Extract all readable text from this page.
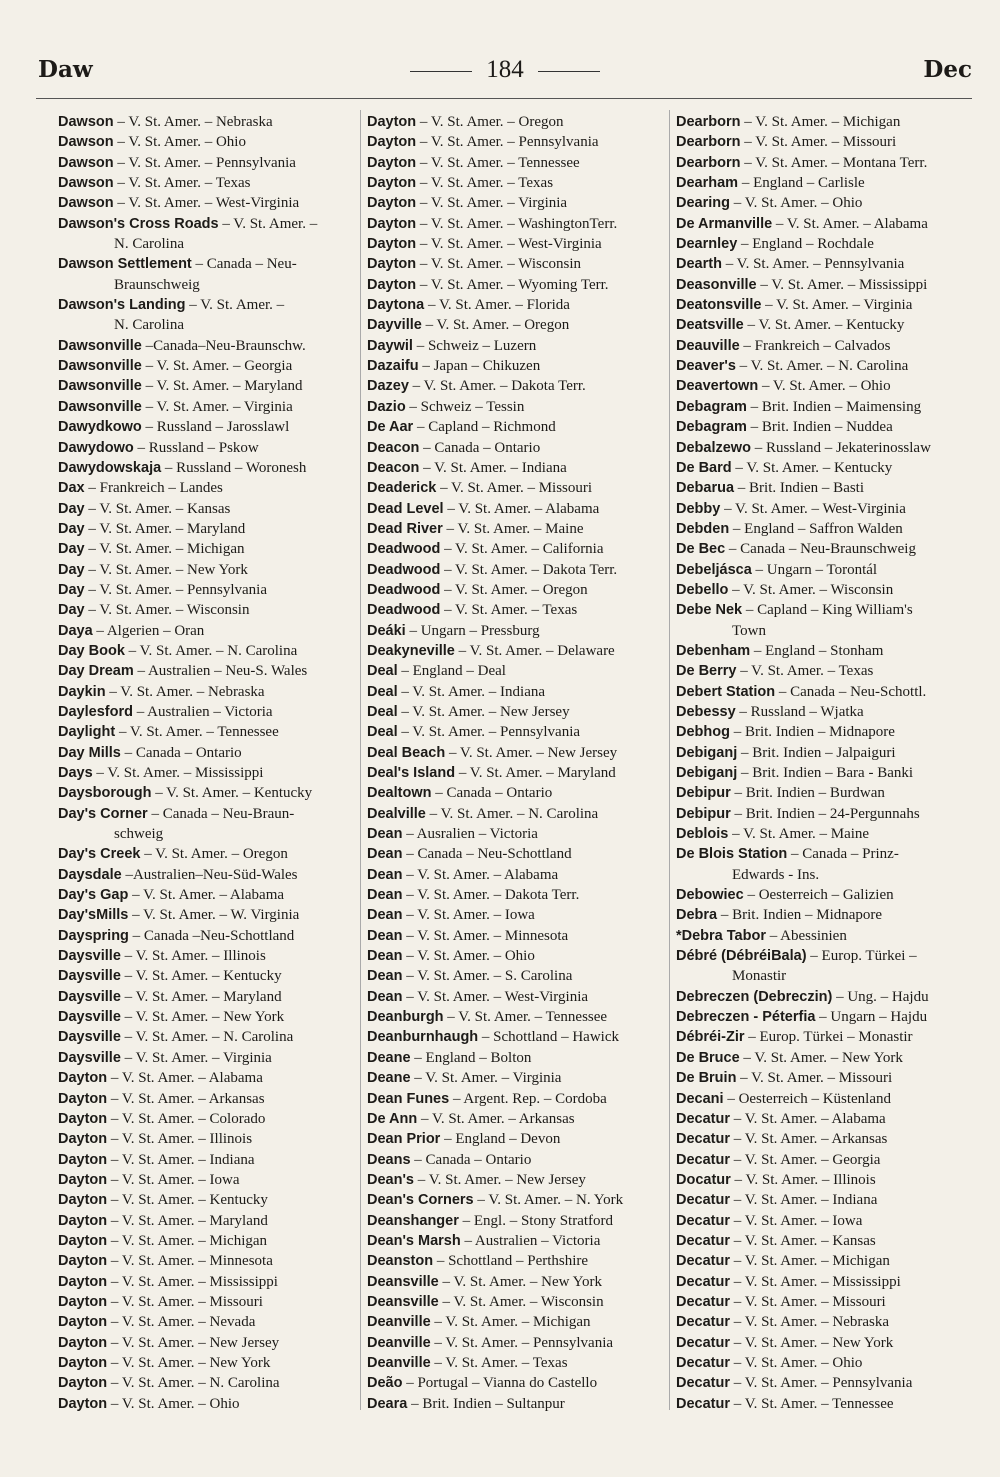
Daw	184	Dec
Dawson – V. St. Amer. – Nebraska
Dawson – V. St. Amer. – Ohio
Dawson – V. St. Amer. – Pennsylvania
Dawson – V. St. Amer. – Texas
Dawson – V. St. Amer. – West-Virginia
Dawson's Cross Roads – V. St. Amer. –
N. Carolina
Dawson Settlement – Canada – Neu-
Braunschweig
Dawson's Landing – V. St. Amer. –
N. Carolina
Dawsonville –Canada–Neu-Braunschw.
Dawsonville – V. St. Amer. – Georgia
Dawsonville – V. St. Amer. – Maryland
Dawsonville – V. St. Amer. – Virginia
Dawydkowo – Russland – Jarosslawl
Dawydowo – Russland – Pskow
Dawydowskaja – Russland – Woronesh
Dax – Frankreich – Landes
Day – V. St. Amer. – Kansas
Day – V. St. Amer. – Maryland
Day – V. St. Amer. – Michigan
Day – V. St. Amer. – New York
Day – V. St. Amer. – Pennsylvania
Day – V. St. Amer. – Wisconsin
Daya – Algerien – Oran
Day Book – V. St. Amer. – N. Carolina
Day Dream – Australien – Neu-S. Wales
Daykin – V. St. Amer. – Nebraska
Daylesford – Australien – Victoria
Daylight – V. St. Amer. – Tennessee
Day Mills – Canada – Ontario
Days – V. St. Amer. – Mississippi
Daysborough – V. St. Amer. – Kentucky
Day's Corner – Canada – Neu-Braun-
schweig
Day's Creek – V. St. Amer. – Oregon
Daysdale –Australien–Neu-Süd-Wales
Day's Gap – V. St. Amer. – Alabama
Day'sMills – V. St. Amer. – W. Virginia
Dayspring – Canada –Neu-Schottland
Daysville – V. St. Amer. – Illinois
Daysville – V. St. Amer. – Kentucky
Daysville – V. St. Amer. – Maryland
Daysville – V. St. Amer. – New York
Daysville – V. St. Amer. – N. Carolina
Daysville – V. St. Amer. – Virginia
Dayton – V. St. Amer. – Alabama
Dayton – V. St. Amer. – Arkansas
Dayton – V. St. Amer. – Colorado
Dayton – V. St. Amer. – Illinois
Dayton – V. St. Amer. – Indiana
Dayton – V. St. Amer. – Iowa
Dayton – V. St. Amer. – Kentucky
Dayton – V. St. Amer. – Maryland
Dayton – V. St. Amer. – Michigan
Dayton – V. St. Amer. – Minnesota
Dayton – V. St. Amer. – Mississippi
Dayton – V. St. Amer. – Missouri
Dayton – V. St. Amer. – Nevada
Dayton – V. St. Amer. – New Jersey
Dayton – V. St. Amer. – New York
Dayton – V. St. Amer. – N. Carolina
Dayton – V. St. Amer. – Ohio
Dayton – V. St. Amer. – Oregon
Dayton – V. St. Amer. – Pennsylvania
Dayton – V. St. Amer. – Tennessee
Dayton – V. St. Amer. – Texas
Dayton – V. St. Amer. – Virginia
Dayton – V. St. Amer. – WashingtonTerr.
Dayton – V. St. Amer. – West-Virginia
Dayton – V. St. Amer. – Wisconsin
Dayton – V. St. Amer. – Wyoming Terr.
Daytona – V. St. Amer. – Florida
Dayville – V. St. Amer. – Oregon
Daywil – Schweiz – Luzern
Dazaifu – Japan – Chikuzen
Dazey – V. St. Amer. – Dakota Terr.
Dazio – Schweiz – Tessin
De Aar – Capland – Richmond
Deacon – Canada – Ontario
Deacon – V. St. Amer. – Indiana
Deaderick – V. St. Amer. – Missouri
Dead Level – V. St. Amer. – Alabama
Dead River – V. St. Amer. – Maine
Deadwood – V. St. Amer. – California
Deadwood – V. St. Amer. – Dakota Terr.
Deadwood – V. St. Amer. – Oregon
Deadwood – V. St. Amer. – Texas
Deáki – Ungarn – Pressburg
Deakyneville – V. St. Amer. – Delaware
Deal – England – Deal
Deal – V. St. Amer. – Indiana
Deal – V. St. Amer. – New Jersey
Deal – V. St. Amer. – Pennsylvania
Deal Beach – V. St. Amer. – New Jersey
Deal's Island – V. St. Amer. – Maryland
Dealtown – Canada – Ontario
Dealville – V. St. Amer. – N. Carolina
Dean – Ausralien – Victoria
Dean – Canada – Neu-Schottland
Dean – V. St. Amer. – Alabama
Dean – V. St. Amer. – Dakota Terr.
Dean – V. St. Amer. – Iowa
Dean – V. St. Amer. – Minnesota
Dean – V. St. Amer. – Ohio
Dean – V. St. Amer. – S. Carolina
Dean – V. St. Amer. – West-Virginia
Deanburgh – V. St. Amer. – Tennessee
Deanburnhaugh – Schottland – Hawick
Deane – England – Bolton
Deane – V. St. Amer. – Virginia
Dean Funes – Argent. Rep. – Cordoba
De Ann – V. St. Amer. – Arkansas
Dean Prior – England – Devon
Deans – Canada – Ontario
Dean's – V. St. Amer. – New Jersey
Dean's Corners – V. St. Amer. – N. York
Deanshanger – Engl. – Stony Stratford
Dean's Marsh – Australien – Victoria
Deanston – Schottland – Perthshire
Deansville – V. St. Amer. – New York
Deansville – V. St. Amer. – Wisconsin
Deanville – V. St. Amer. – Michigan
Deanville – V. St. Amer. – Pennsylvania
Deanville – V. St. Amer. – Texas
Deão – Portugal – Vianna do Castello
Deara – Brit. Indien – Sultanpur
Dearborn – V. St. Amer. – Michigan
Dearborn – V. St. Amer. – Missouri
Dearborn – V. St. Amer. – Montana Terr.
Dearham – England – Carlisle
Dearing – V. St. Amer. – Ohio
De Armanville – V. St. Amer. – Alabama
Dearnley – England – Rochdale
Dearth – V. St. Amer. – Pennsylvania
Deasonville – V. St. Amer. – Mississippi
Deatonsville – V. St. Amer. – Virginia
Deatsville – V. St. Amer. – Kentucky
Deauville – Frankreich – Calvados
Deaver's – V. St. Amer. – N. Carolina
Deavertown – V. St. Amer. – Ohio
Debagram – Brit. Indien – Maimensing
Debagram – Brit. Indien – Nuddea
Debalzewo – Russland – Jekaterinosslaw
De Bard – V. St. Amer. – Kentucky
Debarua – Brit. Indien – Basti
Debby – V. St. Amer. – West-Virginia
Debden – England – Saffron Walden
De Bec – Canada – Neu-Braunschweig
Debeljásca – Ungarn – Torontál
Debello – V. St. Amer. – Wisconsin
Debe Nek – Capland – King William's
Town
Debenham – England – Stonham
De Berry – V. St. Amer. – Texas
Debert Station – Canada – Neu-Schottl.
Debessy – Russland – Wjatka
Debhog – Brit. Indien – Midnapore
Debiganj – Brit. Indien – Jalpaiguri
Debiganj – Brit. Indien – Bara - Banki
Debipur – Brit. Indien – Burdwan
Debipur – Brit. Indien – 24-Pergunnahs
Deblois – V. St. Amer. – Maine
De Blois Station – Canada – Prinz-
Edwards - Ins.
Debowiec – Oesterreich – Galizien
Debra – Brit. Indien – Midnapore
*Debra Tabor – Abessinien
Débré (DébréiBala) – Europ. Türkei –
Monastir
Debreczen (Debreczin) – Ung. – Hajdu
Debreczen - Péterfia – Ungarn – Hajdu
Débréi-Zir – Europ. Türkei – Monastir
De Bruce – V. St. Amer. – New York
De Bruin – V. St. Amer. – Missouri
Decani – Oesterreich – Küstenland
Decatur – V. St. Amer. – Alabama
Decatur – V. St. Amer. – Arkansas
Decatur – V. St. Amer. – Georgia
Docatur – V. St. Amer. – Illinois
Decatur – V. St. Amer. – Indiana
Decatur – V. St. Amer. – Iowa
Decatur – V. St. Amer. – Kansas
Decatur – V. St. Amer. – Michigan
Decatur – V. St. Amer. – Mississippi
Decatur – V. St. Amer. – Missouri
Decatur – V. St. Amer. – Nebraska
Decatur – V. St. Amer. – New York
Decatur – V. St. Amer. – Ohio
Decatur – V. St. Amer. – Pennsylvania
Decatur – V. St. Amer. – Tennessee
